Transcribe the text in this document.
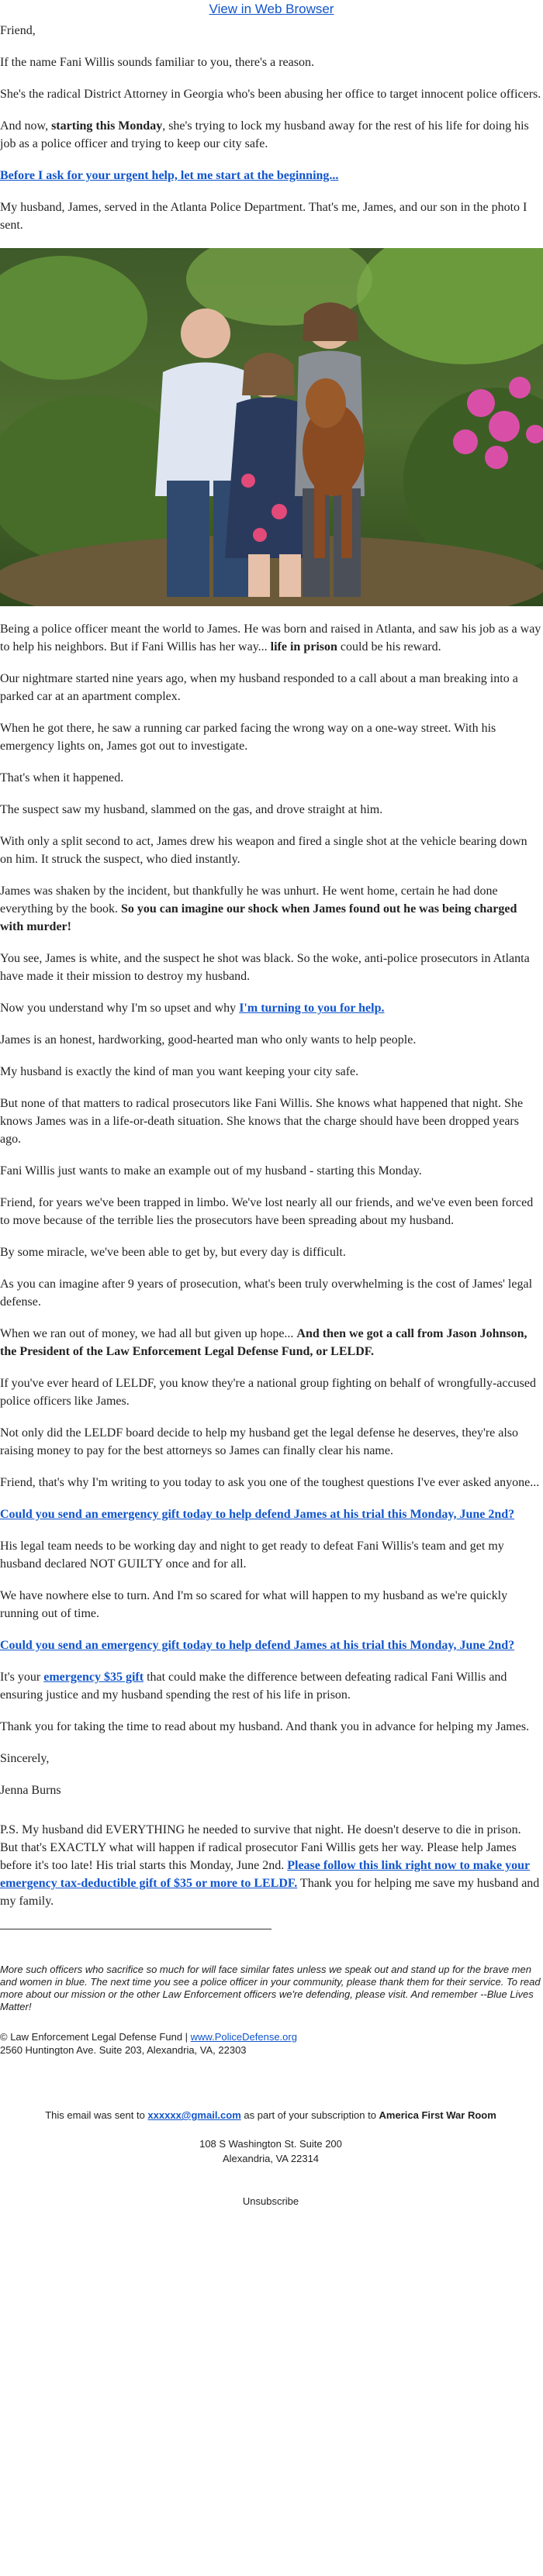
View in Web Browser

Friend,

If the name Fani Willis sounds familiar to you, there's a reason.

She's the radical District Attorney in Georgia who's been abusing her office to target innocent police officers.

And now, starting this Monday, she's trying to lock my husband away for the rest of his life for doing his job as a police officer and trying to keep our city safe.

Before I ask for your urgent help, let me start at the beginning...

My husband, James, served in the Atlanta Police Department. That's me, James, and our son in the photo I sent.

Being a police officer meant the world to James. He was born and raised in Atlanta, and saw his job as a way to help his neighbors. But if Fani Willis has her way... life in prison could be his reward.

Our nightmare started nine years ago, when my husband responded to a call about a man breaking into a parked car at an apartment complex.

When he got there, he saw a running car parked facing the wrong way on a one-way street. With his emergency lights on, James got out to investigate.

That's when it happened.

The suspect saw my husband, slammed on the gas, and drove straight at him.

With only a split second to act, James drew his weapon and fired a single shot at the vehicle bearing down on him. It struck the suspect, who died instantly.

James was shaken by the incident, but thankfully he was unhurt. He went home, certain he had done everything by the book. So you can imagine our shock when James found out he was being charged with murder!

You see, James is white, and the suspect he shot was black. So the woke, anti-police prosecutors in Atlanta have made it their mission to destroy my husband.

Now you understand why I'm so upset and why I'm turning to you for help.

James is an honest, hardworking, good-hearted man who only wants to help people.

My husband is exactly the kind of man you want keeping your city safe.

But none of that matters to radical prosecutors like Fani Willis. She knows what happened that night. She knows James was in a life-or-death situation. She knows that the charge should have been dropped years ago.

Fani Willis just wants to make an example out of my husband - starting this Monday.

Friend, for years we've been trapped in limbo. We've lost nearly all our friends, and we've even been forced to move because of the terrible lies the prosecutors have been spreading about my husband.

By some miracle, we've been able to get by, but every day is difficult.

As you can imagine after 9 years of prosecution, what's been truly overwhelming is the cost of James' legal defense.

When we ran out of money, we had all but given up hope... And then we got a call from Jason Johnson, the President of the Law Enforcement Legal Defense Fund, or LELDF.

If you've ever heard of LELDF, you know they're a national group fighting on behalf of wrongfully-accused police officers like James.

Not only did the LELDF board decide to help my husband get the legal defense he deserves, they're also raising money to pay for the best attorneys so James can finally clear his name.

Friend, that's why I'm writing to you today to ask you one of the toughest questions I've ever asked anyone...

Could you send an emergency gift today to help defend James at his trial this Monday, June 2nd?

His legal team needs to be working day and night to get ready to defeat Fani Willis's team and get my husband declared NOT GUILTY once and for all.

We have nowhere else to turn. And I'm so scared for what will happen to my husband as we're quickly running out of time.

Could you send an emergency gift today to help defend James at his trial this Monday, June 2nd?

It's your emergency $35 gift that could make the difference between defeating radical Fani Willis and ensuring justice and my husband spending the rest of his life in prison.

Thank you for taking the time to read about my husband. And thank you in advance for helping my James.

Sincerely,

Jenna Burns

P.S. My husband did EVERYTHING he needed to survive that night. He doesn't deserve to die in prison. But that's EXACTLY what will happen if radical prosecutor Fani Willis gets her way. Please help James before it's too late! His trial starts this Monday, June 2nd. Please follow this link right now to make your emergency tax-deductible gift of $35 or more to LELDF. Thank you for helping me save my husband and my family.

More such officers who sacrifice so much for will face similar fates unless we speak out and stand up for the brave men and women in blue. The next time you see a police officer in your community, please thank them for their service. To read more about our mission or the other Law Enforcement officers we're defending, please visit. And remember --Blue Lives Matter!
© Law Enforcement Legal Defense Fund | www.PoliceDefense.org
2560 Huntington Ave. Suite 203, Alexandria, VA, 22303
This email was sent to xxxxxx@gmail.com as part of your subscription to America First War Room
108 S Washington St. Suite 200
Alexandria, VA 22314
Unsubscribe
